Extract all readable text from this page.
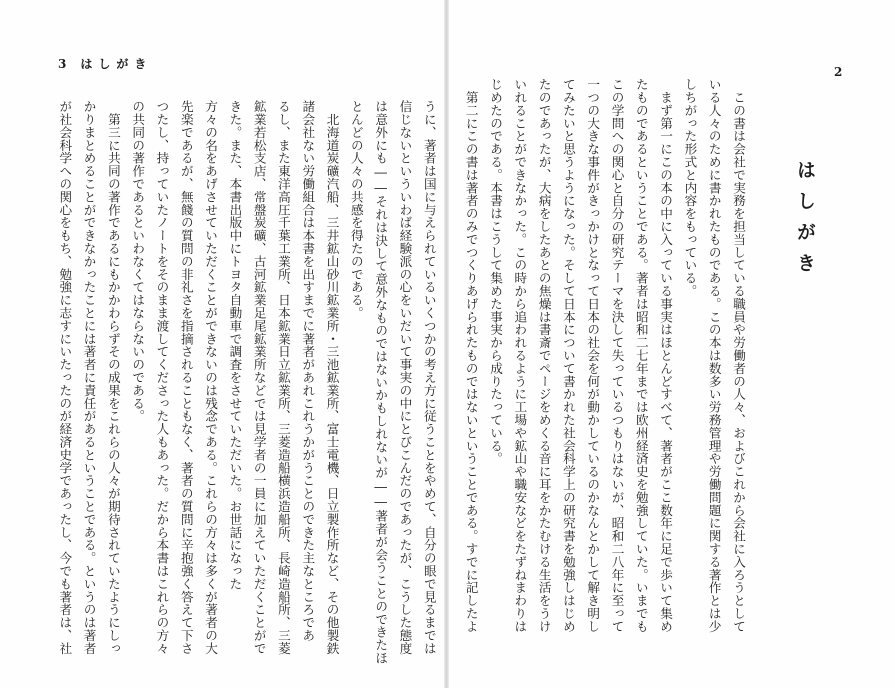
3 はしがき
2
はしがき
　この書は会社で実務を担当している職員や労働者の人々、およびこれから会社に入ろうとして
いる人々のために書かれたものである。この本は数多い労務管理や労働問題に関する著作とは少
しちがった形式と内容をもっている。
　まず第一にこの本の中に入っている事実はほとんどすべて、著者がここ数年に足で歩いて集め
たものであるということである。著者は昭和二七年までは欧州経済史を勉強していた。いまでも
この学問への関心と自分の研究テーマを決して失っているつもりはないが、昭和二八年に至って
一つの大きな事件がきっかけとなって日本の社会を何が動かしているのかなんとかして解き明し
てみたいと思うようになった。そして日本について書かれた社会科学上の研究書を勉強しはじめ
たのであったが、大病をしたあとの焦燥は書斎でページをめくる音に耳をかたむける生活をうけ
いれることができなかった。この時から追われるように工場や鉱山や職安などをたずねまわりは
じめたのである。本書はこうして集めた事実から成りたっている。
　第二にこの書は著者のみでつくりあげられたものではないということである。すでに記したよ
が社会科学への関心をもち、勉強に志すにいたったのが経済史学であったし、今でも著者は、社 かりまとめることができなかったことには著者に責任があるということである。というのは著者 　第三に共同の著作であるにもかかわらずその成果をこれらの人々が期待されていたようにしっ の共同の著作であるといわなくてはならないのである。 つたし、持っていたノートをそのまま渡してくださった人もあった。だから本書はこれらの方々 先楽であるが、無餞の質問の非礼さを指摘されることもなく、著者の質問に辛抱強く答えて下さ 方々の名をあげさせていただくことができないのは残念である。これらの方々は多くが著者の大 きた。また、本書出版中にトヨタ自動車で調査をさせていただいた。お世話になった 鉱業若松支店、常盤炭礦、古河鉱業足尾鉱業所などでは見学者の一員に加えていただくことがで るし、また東洋高圧千葉工業所、日本鉱業日立鉱業所、三菱造船横浜造船所、長崎造船所、三菱 諸会社ない労働組合は本書を出すまでに著者があれこれうかがうことのできた主なところであ 　北海道炭礦汽船、三井鉱山砂川鉱業所・三池鉱業所、富士電機、日立製作所など、その他製鉄 とんどの人々の共感を得たのである。 は意外にも――それは決して意外なものではないかもしれないが――著者が会うことのできたほ 信じないといういわば経験派の心をいだいて事実の中にとびこんだのであったが、こうした態度 うに、著者は国に与えられているいくつかの考え方に従うことをやめて、自分の眼で見るまでは
